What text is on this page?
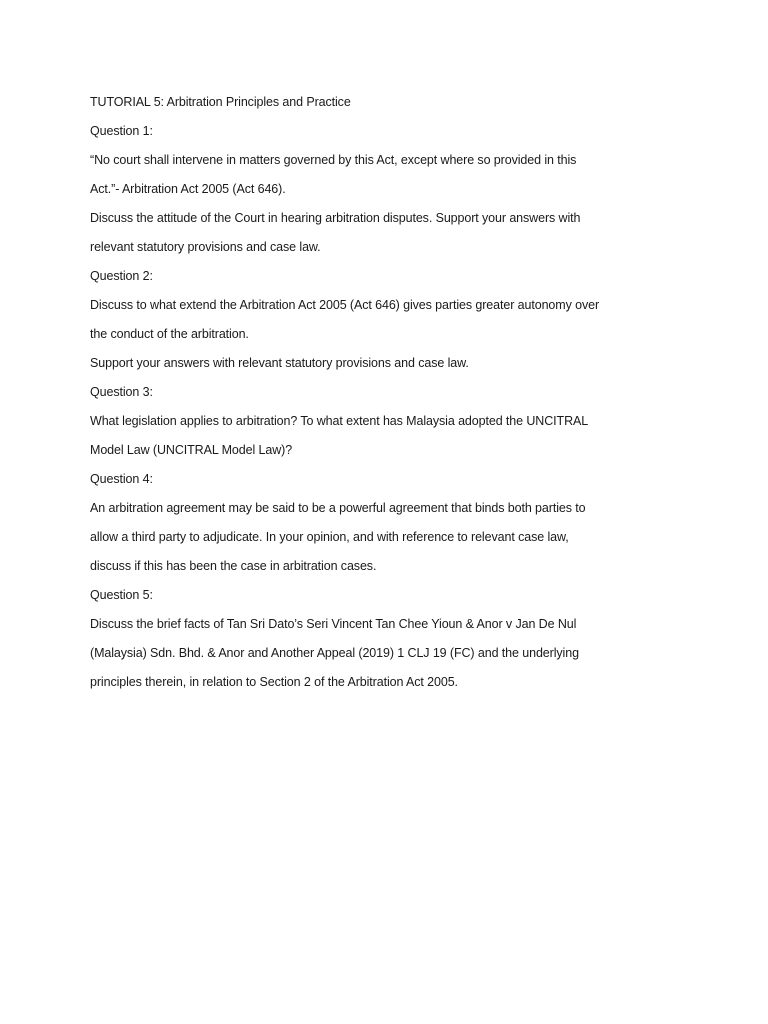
TUTORIAL 5: Arbitration Principles and Practice
Question 1:
“No court shall intervene in matters governed by this Act, except where so provided in this
Act.”- Arbitration Act 2005 (Act 646).
Discuss the attitude of the Court in hearing arbitration disputes. Support your answers with
relevant statutory provisions and case law.
Question 2:
Discuss to what extend the Arbitration Act 2005 (Act 646) gives parties greater autonomy over
the conduct of the arbitration.
Support your answers with relevant statutory provisions and case law.
Question 3:
What legislation applies to arbitration? To what extent has Malaysia adopted the UNCITRAL
Model Law (UNCITRAL Model Law)?
Question 4:
An arbitration agreement may be said to be a powerful agreement that binds both parties to
allow a third party to adjudicate. In your opinion, and with reference to relevant case law,
discuss if this has been the case in arbitration cases.
Question 5:
Discuss the brief facts of Tan Sri Dato’s Seri Vincent Tan Chee Yioun & Anor v Jan De Nul
(Malaysia) Sdn. Bhd. & Anor and Another Appeal (2019) 1 CLJ 19 (FC) and the underlying
principles therein, in relation to Section 2 of the Arbitration Act 2005.
